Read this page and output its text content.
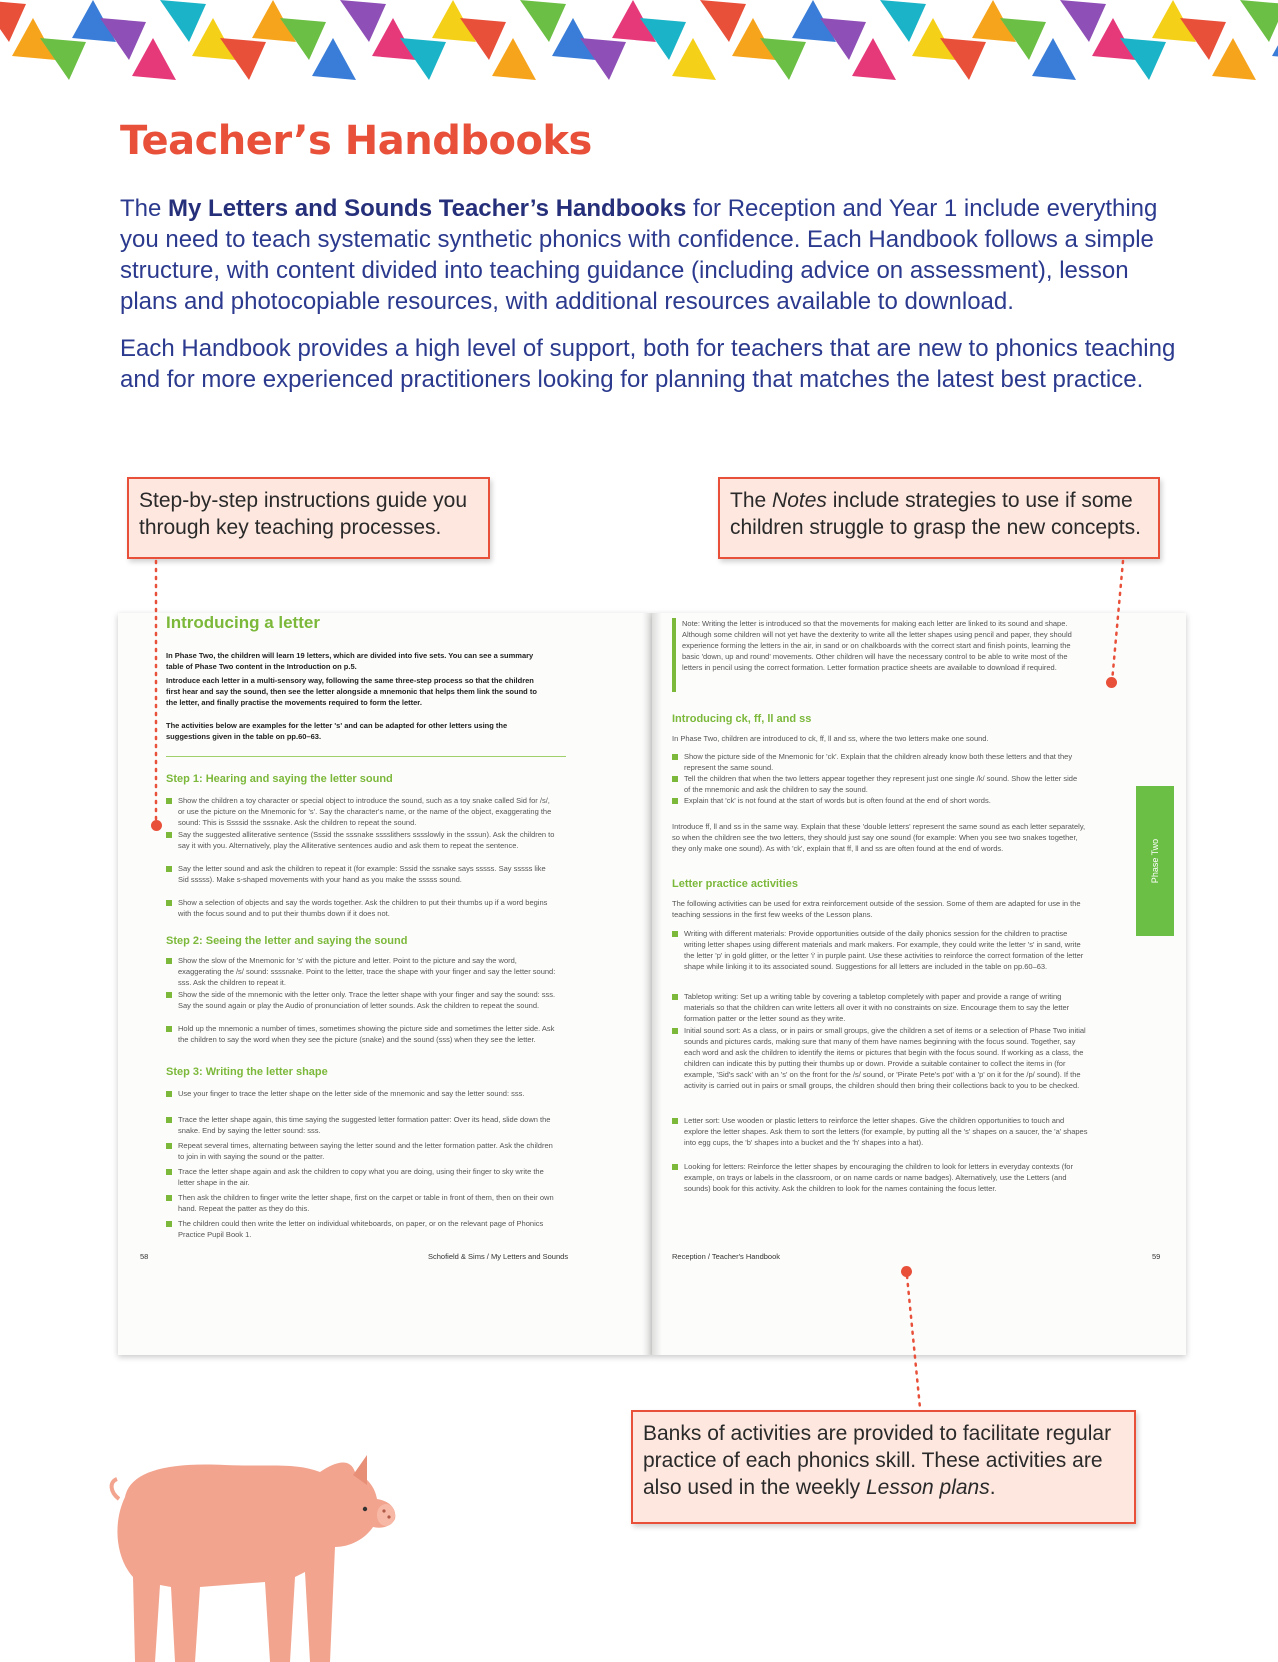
Teacher’s Handbooks

The My Letters and Sounds Teacher’s Handbooks for Reception and Year 1 include everything you need to teach systematic synthetic phonics with confidence. Each Handbook follows a simple structure, with content divided into teaching guidance (including advice on assessment), lesson plans and photocopiable resources, with additional resources available to download.

Each Handbook provides a high level of support, both for teachers that are new to phonics teaching and for more experienced practitioners looking for planning that matches the latest best practice.

Step-by-step instructions guide you through key teaching processes.
The Notes include strategies to use if some children struggle to grasp the new concepts.
Introducing a letter
In Phase Two, the children will learn 19 letters, which are divided into five sets. You can see a summary table of Phase Two content in the Introduction on p.5.
Introduce each letter in a multi-sensory way, following the same three-step process so that the children first hear and say the sound, then see the letter alongside a mnemonic that helps them link the sound to the letter, and finally practise the movements required to form the letter.
The activities below are examples for the letter 's' and can be adapted for other letters using the suggestions given in the table on pp.60–63.
Step 1: Hearing and saying the letter sound
Step 2: Seeing the letter and saying the sound
Step 3: Writing the letter shape
58	Schofield & Sims / My Letters and Sounds
Show the children a toy character or special object to introduce the sound, such as a toy snake called Sid for /s/, or use the picture on the Mnemonic for 's'. Say the character's name, or the name of the object, exaggerating the sound: This is Ssssid the sssnake. Ask the children to repeat the sound.
Say the suggested alliterative sentence (Sssid the sssnake sssslithers sssslowly in the sssun). Ask the children to say it with you. Alternatively, play the Alliterative sentences audio and ask them to repeat the sentence.
Say the letter sound and ask the children to repeat it (for example: Sssid the ssnake says sssss. Say sssss like Sid sssss). Make s-shaped movements with your hand as you make the sssss sound.
Show a selection of objects and say the words together. Ask the children to put their thumbs up if a word begins with the focus sound and to put their thumbs down if it does not.
Show the slow of the Mnemonic for 's' with the picture and letter. Point to the picture and say the word, exaggerating the /s/ sound: ssssnake. Point to the letter, trace the shape with your finger and say the letter sound: sss. Ask the children to repeat it.
Show the side of the mnemonic with the letter only. Trace the letter shape with your finger and say the sound: sss. Say the sound again or play the Audio of pronunciation of letter sounds. Ask the children to repeat the sound.
Hold up the mnemonic a number of times, sometimes showing the picture side and sometimes the letter side. Ask the children to say the word when they see the picture (snake) and the sound (sss) when they see the letter.
Use your finger to trace the letter shape on the letter side of the mnemonic and say the letter sound: sss.
Trace the letter shape again, this time saying the suggested letter formation patter: Over its head, slide down the snake. End by saying the letter sound: sss.
Repeat several times, alternating between saying the letter sound and the letter formation patter. Ask the children to join in with saying the sound or the patter.
Trace the letter shape again and ask the children to copy what you are doing, using their finger to sky write the letter shape in the air.
Then ask the children to finger write the letter shape, first on the carpet or table in front of them, then on their own hand. Repeat the patter as they do this.
The children could then write the letter on individual whiteboards, on paper, or on the relevant page of Phonics Practice Pupil Book 1.
Note: Writing the letter is introduced so that the movements for making each letter are linked to its sound and shape. Although some children will not yet have the dexterity to write all the letter shapes using pencil and paper, they should experience forming the letters in the air, in sand or on chalkboards with the correct start and finish points, learning the basic 'down, up and round' movements. Other children will have the necessary control to be able to write most of the letters in pencil using the correct formation. Letter formation practice sheets are available to download if required.
Introducing ck, ff, ll and ss
In Phase Two, children are introduced to ck, ff, ll and ss, where the two letters make one sound.
Introduce ff, ll and ss in the same way. Explain that these 'double letters' represent the same sound as each letter separately, so when the children see the two letters, they should just say one sound (for example: When you see two snakes together, they only make one sound). As with 'ck', explain that ff, ll and ss are often found at the end of words.
Letter practice activities
The following activities can be used for extra reinforcement outside of the session. Some of them are adapted for use in the teaching sessions in the first few weeks of the Lesson plans.
Reception / Teacher's Handbook	59
Show the picture side of the Mnemonic for 'ck'. Explain that the children already know both these letters and that they represent the same sound.
Tell the children that when the two letters appear together they represent just one single /k/ sound. Show the letter side of the mnemonic and ask the children to say the sound.
Explain that 'ck' is not found at the start of words but is often found at the end of short words.
Writing with different materials: Provide opportunities outside of the daily phonics session for the children to practise writing letter shapes using different materials and mark makers. For example, they could write the letter 's' in sand, write the letter 'p' in gold glitter, or the letter 'i' in purple paint. Use these activities to reinforce the correct formation of the letter shape while linking it to its associated sound. Suggestions for all letters are included in the table on pp.60–63.
Tabletop writing: Set up a writing table by covering a tabletop completely with paper and provide a range of writing materials so that the children can write letters all over it with no constraints on size. Encourage them to say the letter formation patter or the letter sound as they write.
Initial sound sort: As a class, or in pairs or small groups, give the children a set of items or a selection of Phase Two initial sounds and pictures cards, making sure that many of them have names beginning with the focus sound. Together, say each word and ask the children to identify the items or pictures that begin with the focus sound. If working as a class, the children can indicate this by putting their thumbs up or down. Provide a suitable container to collect the items in (for example, 'Sid's sack' with an 's' on the front for the /s/ sound, or 'Pirate Pete's pot' with a 'p' on it for the /p/ sound). If the activity is carried out in pairs or small groups, the children should then bring their collections back to you to be checked.
Letter sort: Use wooden or plastic letters to reinforce the letter shapes. Give the children opportunities to touch and explore the letter shapes. Ask them to sort the letters (for example, by putting all the 's' shapes on a saucer, the 'a' shapes into egg cups, the 'b' shapes into a bucket and the 'h' shapes into a hat).
Looking for letters: Reinforce the letter shapes by encouraging the children to look for letters in everyday contexts (for example, on trays or labels in the classroom, or on name cards or name badges). Alternatively, use the Letters (and sounds) book for this activity. Ask the children to look for the names containing the focus letter.
Phase Two
Banks of activities are provided to facilitate regular practice of each phonics skill. These activities are also used in the weekly Lesson plans.
